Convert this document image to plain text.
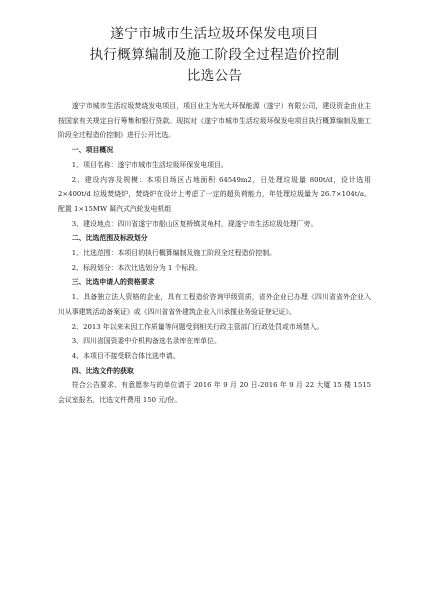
遂宁市城市生活垃圾环保发电项目
执行概算编制及施工阶段全过程造价控制
比选公告

遂宁市城市生活垃圾焚烧发电项目，项目业主为光大环保能源（遂宁）有限公司，建设资金由业主按国家有关规定自行筹集和银行贷款。现拟对《遂宁市城市生活垃圾环保发电项目执行概算编制及施工阶段全过程造价控制》进行公开比选。

一、项目概况

1、项目名称：遂宁市城市生活垃圾环保发电项目。

2、建设内容及规模：本项目场区占地面积 64549m2，日处理垃圾量 800t/d，设计选用 2×400t/d 垃圾焚烧炉，焚烧炉在设计上考虑了一定的超负荷能力，年处理垃圾量为 26.7×104t/a。配置 1×15MW 凝汽式汽轮发电机组

3、建设地点：四川省遂宁市船山区复桥镇灵龟村，现遂宁市生活垃圾处理厂旁。

二、比选范围及标段划分

1、比选范围：本项目的执行概算编制及施工阶段全过程造价控制。

2、标段划分：本次比选划分为 1 个标段。

三、比选申请人的资格要求

1、具备独立法人资格的企业，具有工程造价咨询甲级资质，省外企业已办理《四川省省外企业入川从事建筑活动备案证》或《四川省省外建筑企业入川承揽业务验证登记证》。

2、2013 年以来未因工作质量等问题受到相关行政主管部门行政处罚或市场禁入。

3、四川省国资委中介机构备选名录库在库单位。

4、本项目不接受联合体比选申请。

四、比选文件的获取

符合公告要求、有意愿参与的单位请于 2016 年 9 月 20 日-2016 年 9 月 22 大厦 15 楼 1515 会议室报名，比选文件费用 150 元/份。
